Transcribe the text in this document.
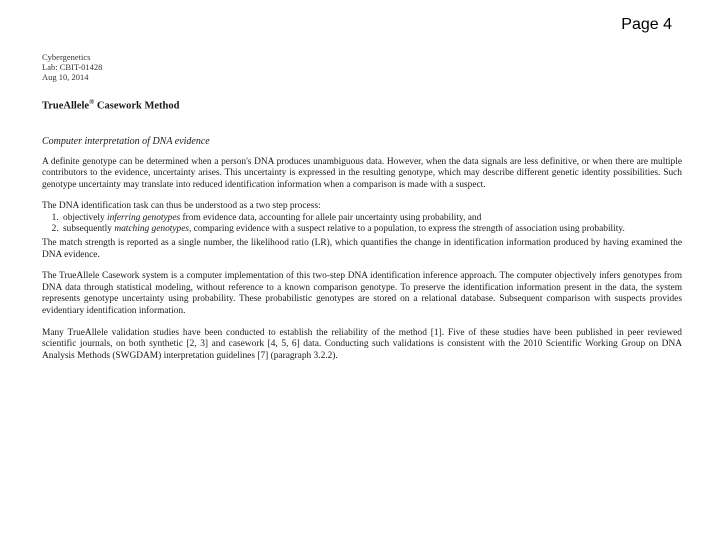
Page 4
Cybergenetics
Lab: CBIT-01428
Aug 10, 2014
TrueAllele® Casework Method
Computer interpretation of DNA evidence

A definite genotype can be determined when a person's DNA produces unambiguous data. However, when the data signals are less definitive, or when there are multiple contributors to the evidence, uncertainty arises. This uncertainty is expressed in the resulting genotype, which may describe different genetic identity possibilities. Such genotype uncertainty may translate into reduced identification information when a comparison is made with a suspect.

The DNA identification task can thus be understood as a two step process:

1. objectively inferring genotypes from evidence data, accounting for allele pair uncertainty using probability, and
2. subsequently matching genotypes, comparing evidence with a suspect relative to a population, to express the strength of association using probability.

The match strength is reported as a single number, the likelihood ratio (LR), which quantifies the change in identification information produced by having examined the DNA evidence.

The TrueAllele Casework system is a computer implementation of this two-step DNA identification inference approach. The computer objectively infers genotypes from DNA data through statistical modeling, without reference to a known comparison genotype. To preserve the identification information present in the data, the system represents genotype uncertainty using probability. These probabilistic genotypes are stored on a relational database. Subsequent comparison with suspects provides evidentiary identification information.

Many TrueAllele validation studies have been conducted to establish the reliability of the method [1]. Five of these studies have been published in peer reviewed scientific journals, on both synthetic [2, 3] and casework [4, 5, 6] data. Conducting such validations is consistent with the 2010 Scientific Working Group on DNA Analysis Methods (SWGDAM) interpretation guidelines [7] (paragraph 3.2.2).
